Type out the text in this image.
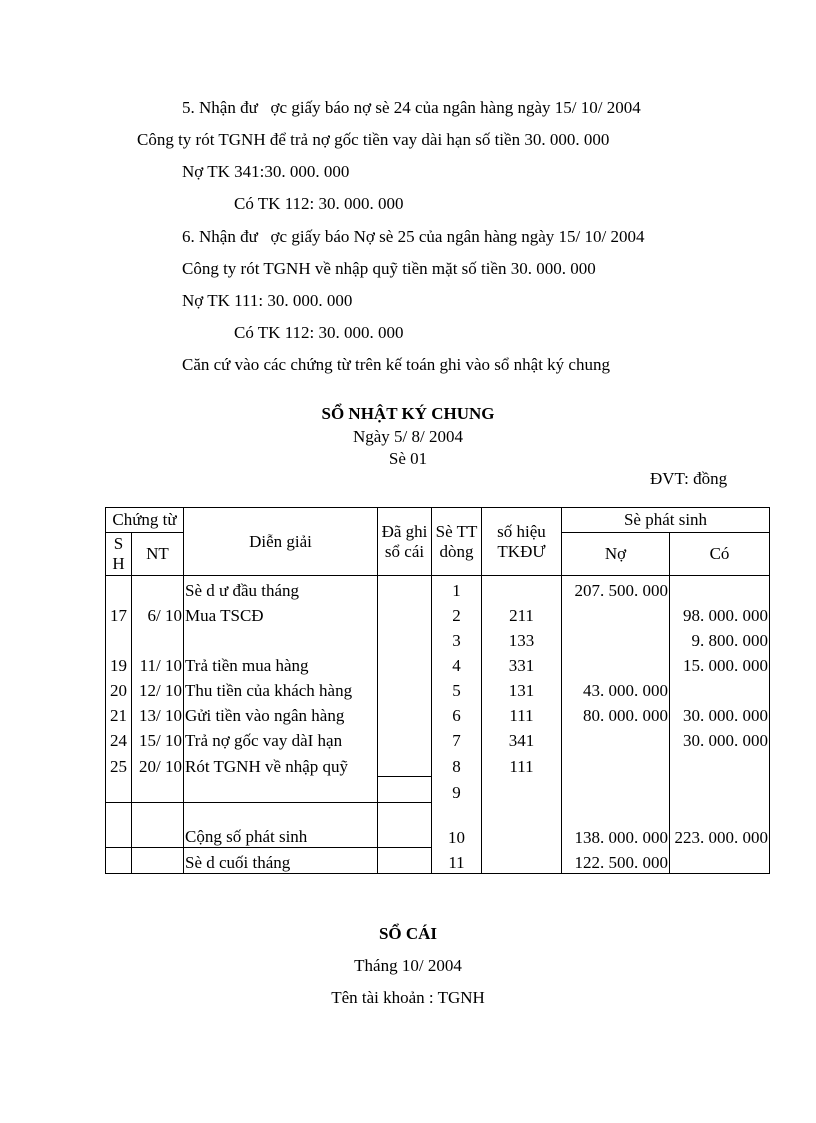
5. Nhận đư   ợc giấy báo nợ sè 24 của ngân hàng ngày 15/ 10/ 2004
Công ty rót TGNH để trả nợ gốc tiền vay dài hạn số tiền 30. 000. 000
Nợ TK 341:30. 000. 000
Có TK 112: 30. 000. 000
6. Nhận đư   ợc giấy báo Nợ sè 25 của ngân hàng ngày 15/ 10/ 2004
Công ty rót TGNH về nhập quỹ tiền mặt số tiền 30. 000. 000
Nợ TK 111: 30. 000. 000
Có TK 112: 30. 000. 000
Căn cứ vào các chứng từ trên kế toán ghi vào sổ nhật ký chung
SỔ NHẬT KÝ CHUNG
Ngày 5/ 8/ 2004
Sè 01
ĐVT: đồng
Chứng từ		Diễn giải	Đã ghi sổ cái	Sè TT dòng	số hiệu TKĐƯ	Sè phát sinh	
S H	NT					Nợ	Có
		Sè d ư đầu tháng		1		207. 500. 000	
17	6/ 10	Mua TSCĐ		2	211		98. 000. 000
				3	133		9. 800. 000
19	11/ 10	Trả tiền mua hàng		4	331		15. 000. 000
20	12/ 10	Thu tiền của khách hàng		5	131	43. 000. 000	
21	13/ 10	Gửi tiền vào ngân hàng		6	111	80. 000. 000	30. 000. 000
24	15/ 10	Trả nợ gốc vay dàI hạn		7	341		30. 000. 000
25	20/ 10	Rót TGNH về nhập quỹ		8	111		
				9			
		Cộng số phát sinh		10		138. 000. 000	223. 000. 000
		Sè d cuối tháng		11		122. 500. 000	
SỔ CÁI
Tháng 10/ 2004
Tên tài khoản : TGNH
